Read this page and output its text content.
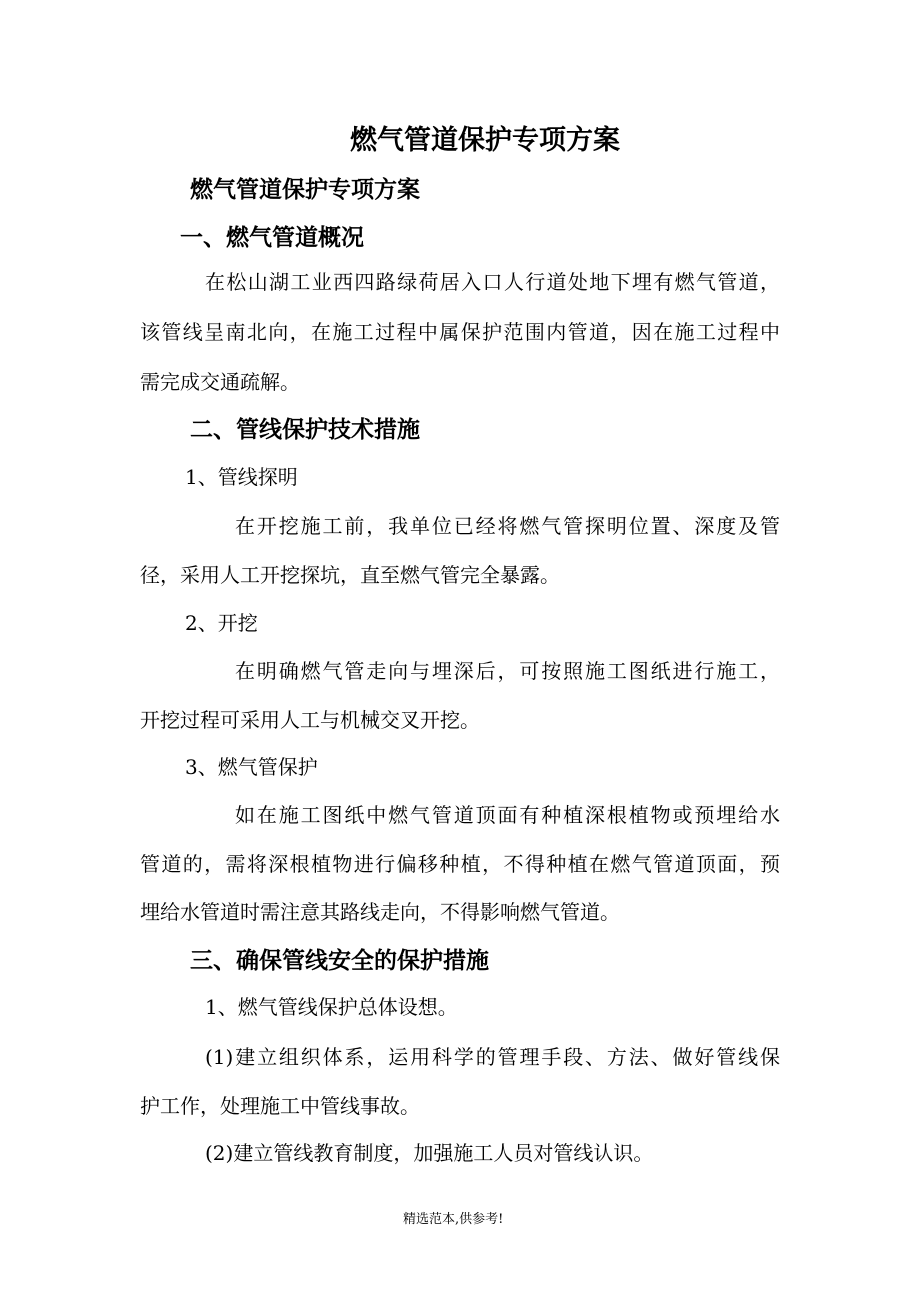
燃气管道保护专项方案
燃气管道保护专项方案
一、燃气管道概况
在松山湖工业西四路绿荷居入口人行道处地下埋有燃气管道，
该管线呈南北向，在施工过程中属保护范围内管道，因在施工过程中
需完成交通疏解。
二、管线保护技术措施
1、管线探明
在开挖施工前，我单位已经将燃气管探明位置、深度及管
径，采用人工开挖探坑，直至燃气管完全暴露。
2、开挖
在明确燃气管走向与埋深后，可按照施工图纸进行施工，
开挖过程可采用人工与机械交叉开挖。
3、燃气管保护
如在施工图纸中燃气管道顶面有种植深根植物或预埋给水
管道的，需将深根植物进行偏移种植，不得种植在燃气管道顶面，预
埋给水管道时需注意其路线走向，不得影响燃气管道。
三、确保管线安全的保护措施
1、燃气管线保护总体设想。
(1)建立组织体系，运用科学的管理手段、方法、做好管线保
护工作，处理施工中管线事故。
(2)建立管线教育制度，加强施工人员对管线认识。
精选范本,供参考!
